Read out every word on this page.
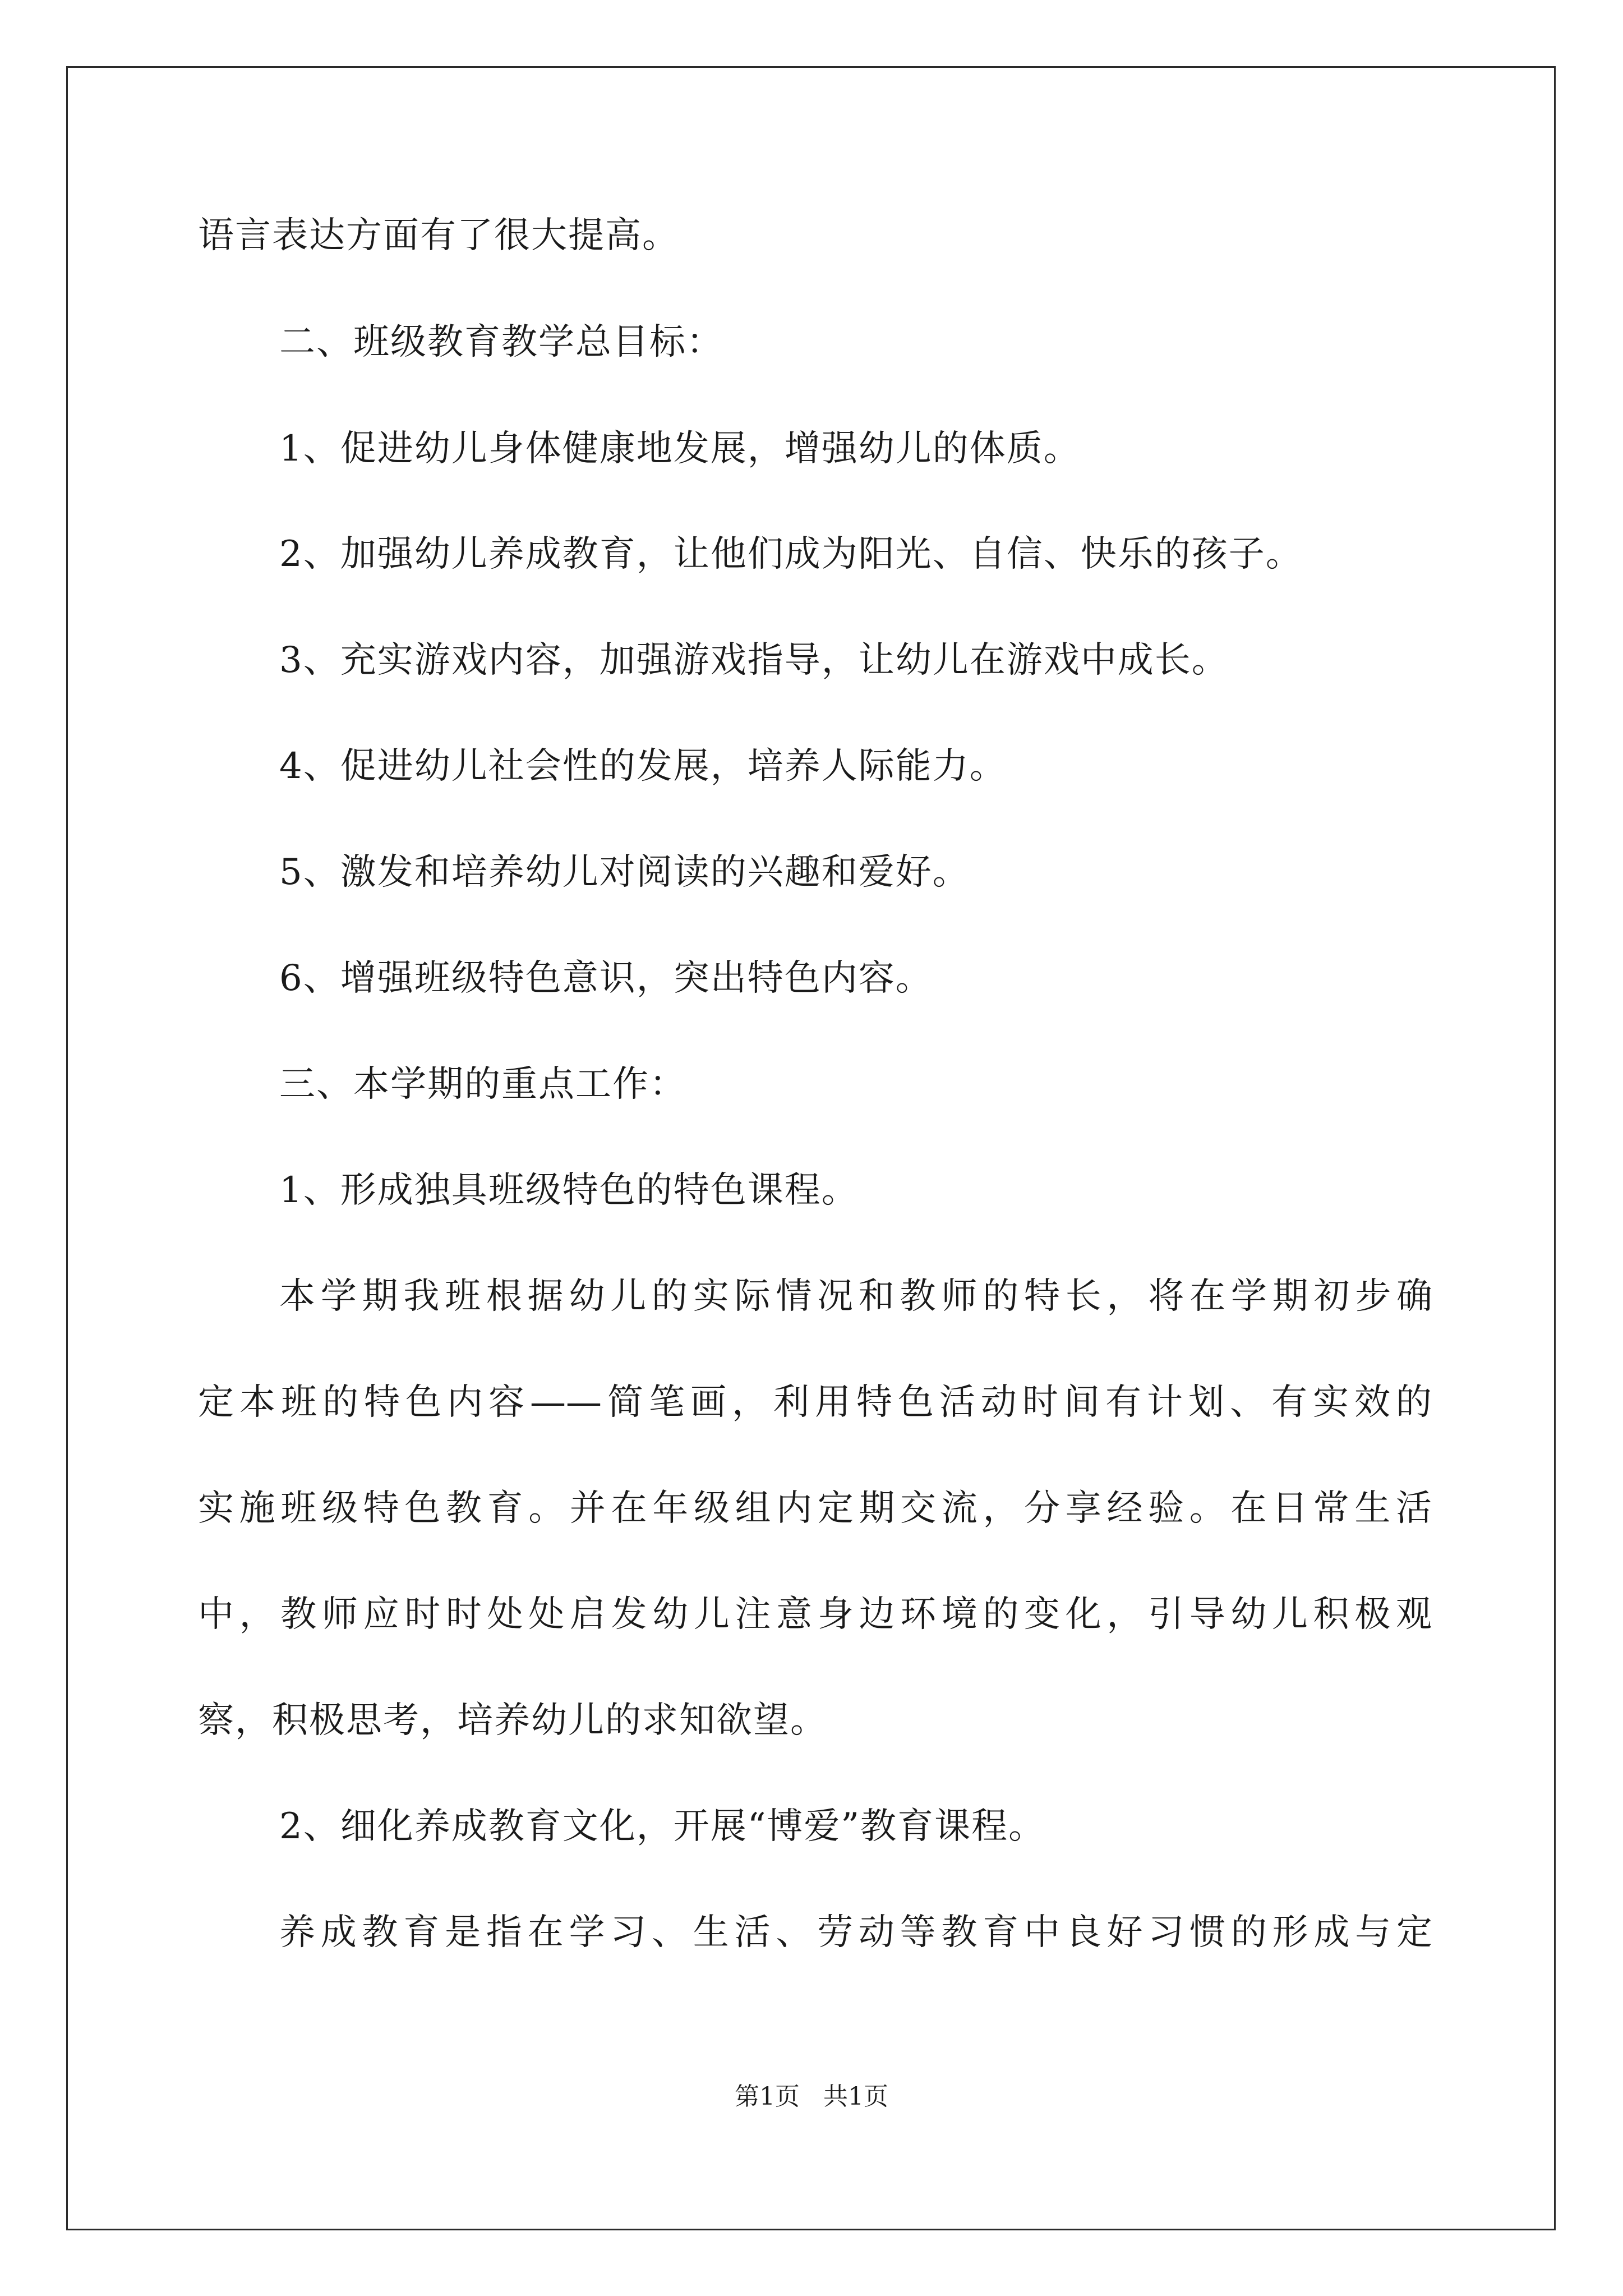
语言表达方面有了很大提高。
二、班级教育教学总目标：
1、促进幼儿身体健康地发展，增强幼儿的体质。
2、加强幼儿养成教育，让他们成为阳光、自信、快乐的孩子。
3、充实游戏内容，加强游戏指导，让幼儿在游戏中成长。
4、促进幼儿社会性的发展，培养人际能力。
5、激发和培养幼儿对阅读的兴趣和爱好。
6、增强班级特色意识，突出特色内容。
三、本学期的重点工作：
1、形成独具班级特色的特色课程。
本学期我班根据幼儿的实际情况和教师的特长，将在学期初步确
定本班的特色内容——简笔画，利用特色活动时间有计划、有实效的
实施班级特色教育。并在年级组内定期交流，分享经验。在日常生活
中，教师应时时处处启发幼儿注意身边环境的变化，引导幼儿积极观
察，积极思考，培养幼儿的求知欲望。
2、细化养成教育文化，开展“博爱”教育课程。
养成教育是指在学习、生活、劳动等教育中良好习惯的形成与定
第1页   共1页
